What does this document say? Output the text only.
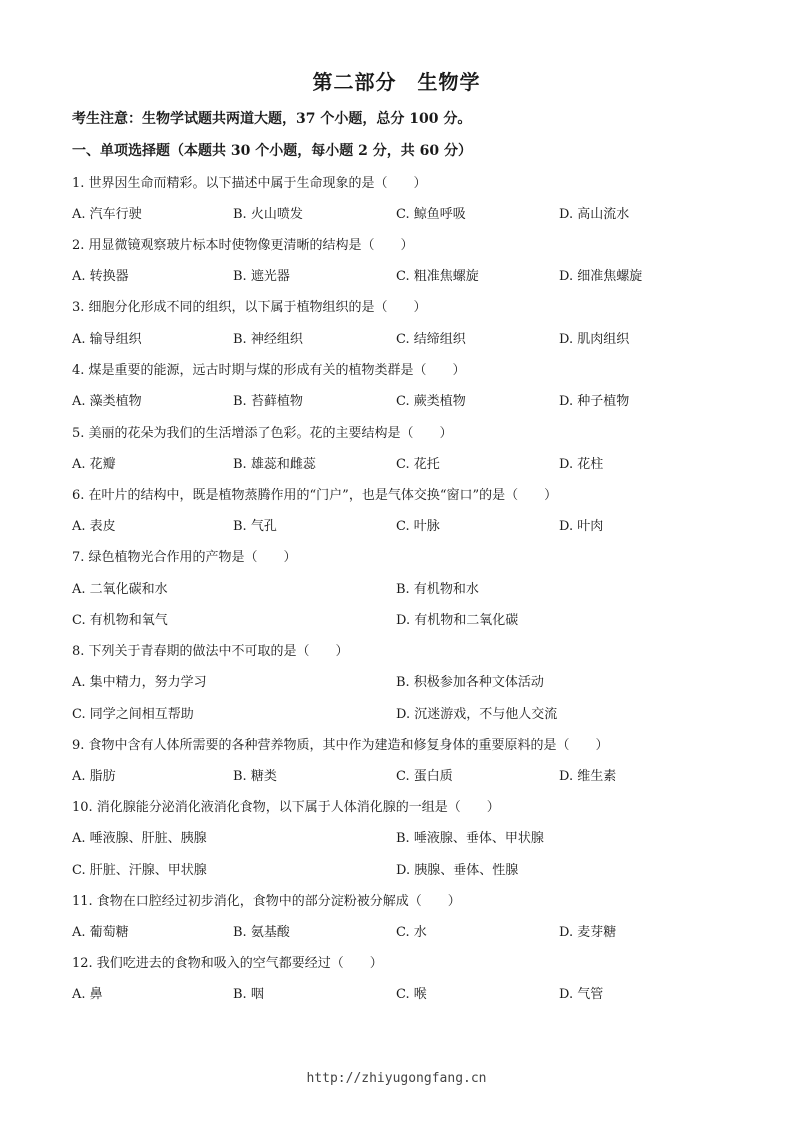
第二部分　生物学
考生注意：生物学试题共两道大题，37 个小题，总分 100 分。
一、单项选择题（本题共 30 个小题，每小题 2 分，共 60 分）
1. 世界因生命而精彩。以下描述中属于生命现象的是（　　）
A. 汽车行驶	B. 火山喷发	C. 鲸鱼呼吸	D. 高山流水
2. 用显微镜观察玻片标本时使物像更清晰的结构是（　　）
A. 转换器	B. 遮光器	C. 粗准焦螺旋	D. 细准焦螺旋
3. 细胞分化形成不同的组织，以下属于植物组织的是（　　）
A. 输导组织	B. 神经组织	C. 结缔组织	D. 肌肉组织
4. 煤是重要的能源，远古时期与煤的形成有关的植物类群是（　　）
A. 藻类植物	B. 苔藓植物	C. 蕨类植物	D. 种子植物
5. 美丽的花朵为我们的生活增添了色彩。花的主要结构是（　　）
A. 花瓣	B. 雄蕊和雌蕊	C. 花托	D. 花柱
6. 在叶片的结构中，既是植物蒸腾作用的“门户”，也是气体交换“窗口”的是（　　）
A. 表皮	B. 气孔	C. 叶脉	D. 叶肉
7. 绿色植物光合作用的产物是（　　）
A. 二氧化碳和水	B. 有机物和水
C. 有机物和氧气	D. 有机物和二氧化碳
8. 下列关于青春期的做法中不可取的是（　　）
A. 集中精力，努力学习	B. 积极参加各种文体活动
C. 同学之间相互帮助	D. 沉迷游戏，不与他人交流
9. 食物中含有人体所需要的各种营养物质，其中作为建造和修复身体的重要原料的是（　　）
A. 脂肪	B. 糖类	C. 蛋白质	D. 维生素
10. 消化腺能分泌消化液消化食物，以下属于人体消化腺的一组是（　　）
A. 唾液腺、肝脏、胰腺	B. 唾液腺、垂体、甲状腺
C. 肝脏、汗腺、甲状腺	D. 胰腺、垂体、性腺
11. 食物在口腔经过初步消化，食物中的部分淀粉被分解成（　　）
A. 葡萄糖	B. 氨基酸	C. 水	D. 麦芽糖
12. 我们吃进去的食物和吸入的空气都要经过（　　）
A. 鼻	B. 咽	C. 喉	D. 气管
http://zhiyugongfang.cn
